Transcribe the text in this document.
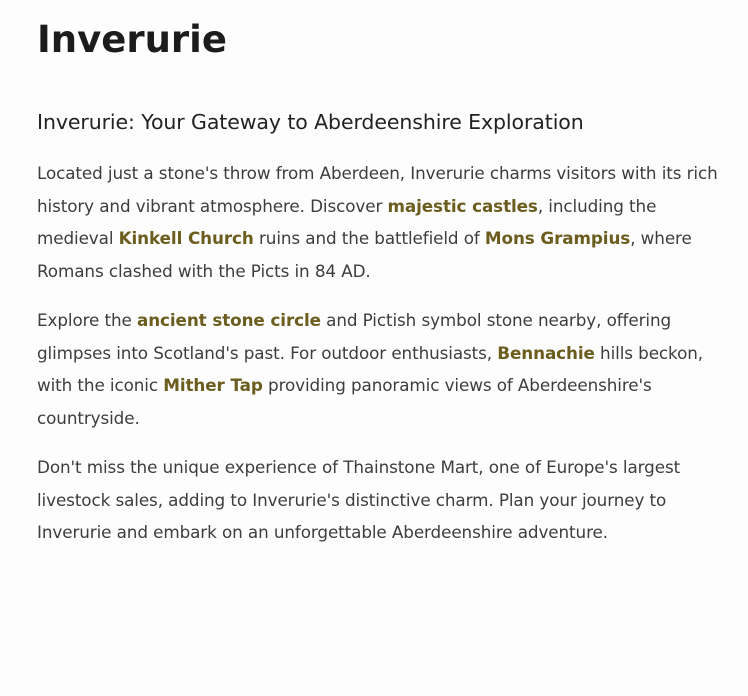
Inverurie
Inverurie: Your Gateway to Aberdeenshire Exploration

Located just a stone's throw from Aberdeen, Inverurie charms visitors with its rich history and vibrant atmosphere. Discover majestic castles, including the medieval Kinkell Church ruins and the battlefield of Mons Grampius, where Romans clashed with the Picts in 84 AD.

Explore the ancient stone circle and Pictish symbol stone nearby, offering glimpses into Scotland's past. For outdoor enthusiasts, Bennachie hills beckon, with the iconic Mither Tap providing panoramic views of Aberdeenshire's countryside.

Don't miss the unique experience of Thainstone Mart, one of Europe's largest livestock sales, adding to Inverurie's distinctive charm. Plan your journey to Inverurie and embark on an unforgettable Aberdeenshire adventure.
